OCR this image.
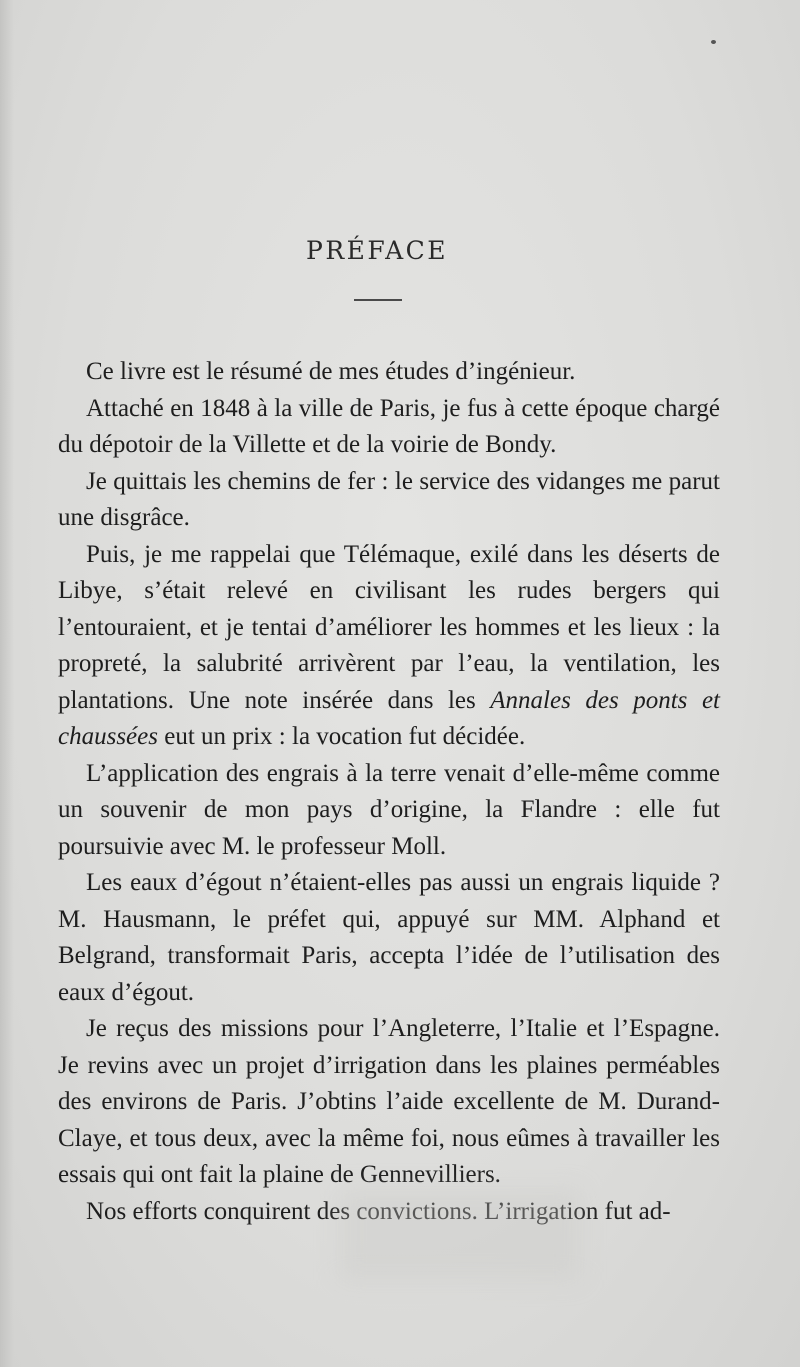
PRÉFACE

Ce livre est le résumé de mes études d’ingénieur.

Attaché en 1848 à la ville de Paris, je fus à cette époque chargé du dépotoir de la Villette et de la voirie de Bondy.

Je quittais les chemins de fer : le service des vidanges me parut une disgrâce.

Puis, je me rappelai que Télémaque, exilé dans les déserts de Libye, s’était relevé en civilisant les rudes bergers qui l’entouraient, et je tentai d’améliorer les hommes et les lieux : la propreté, la salubrité arrivèrent par l’eau, la ventilation, les plantations. Une note insérée dans les Annales des ponts et chaussées eut un prix : la vocation fut décidée.

L’application des engrais à la terre venait d’elle-même comme un souvenir de mon pays d’origine, la Flandre : elle fut poursuivie avec M. le professeur Moll.

Les eaux d’égout n’étaient-elles pas aussi un engrais liquide ? M. Hausmann, le préfet qui, appuyé sur MM. Alphand et Belgrand, transformait Paris, accepta l’idée de l’utilisation des eaux d’égout.

Je reçus des missions pour l’Angleterre, l’Italie et l’Espagne. Je revins avec un projet d’irrigation dans les plaines perméables des environs de Paris. J’obtins l’aide excellente de M. Durand-Claye, et tous deux, avec la même foi, nous eûmes à travailler les essais qui ont fait la plaine de Gennevilliers.

Nos efforts conquirent des convictions. L’irrigation fut ad-
